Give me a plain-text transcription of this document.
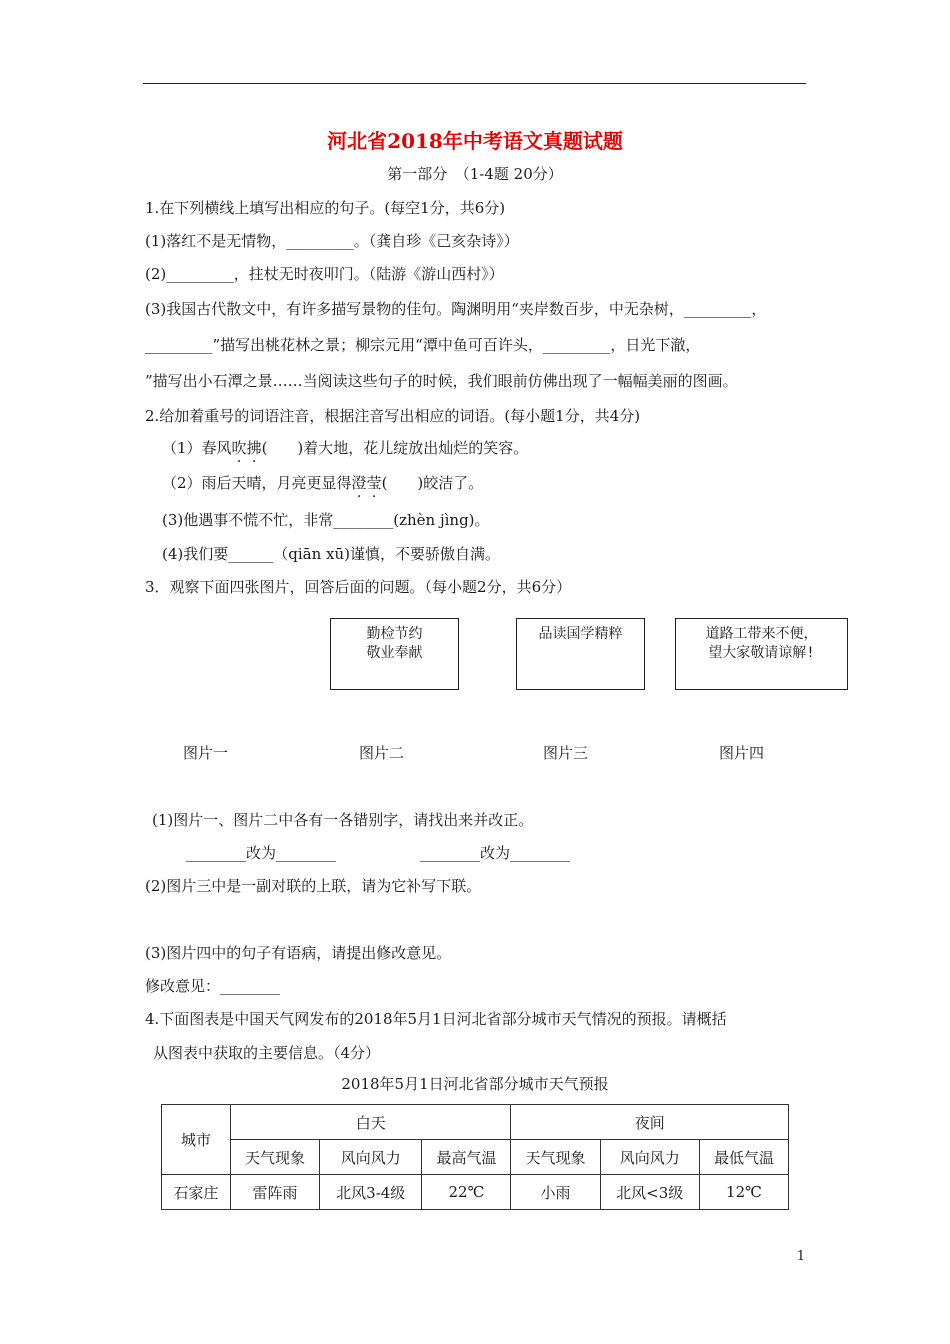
河北省2018年中考语文真题试题
第一部分　（1-4题 20分）
1.在下列横线上填写出相应的句子。(每空1分，共6分)
(1)落红不是无情物，_________。（龚自珍《己亥杂诗》）
(2)_________，拄杖无时夜叩门。（陆游《游山西村》）
(3)我国古代散文中，有许多描写景物的佳句。陶渊明用“夹岸数百步，中无杂树，_________，
_________”描写出桃花林之景；柳宗元用“潭中鱼可百许头，_________，日光下澈，
”描写出小石潭之景……当阅读这些句子的时候，我们眼前仿佛出现了一幅幅美丽的图画。
2.给加着重号的词语注音，根据注音写出相应的词语。(每小题1分，共4分)
（1）春风吹拂(　　)着大地，花儿绽放出灿烂的笑容。
（2）雨后天晴，月亮更显得澄莹(　　)皎洁了。
(3)他遇事不慌不忙，非常________(zhèn jìng)。
(4)我们要______（qiān xū)谨慎，不要骄傲自满。
3．观察下面四张图片，回答后面的问题。（每小题2分，共6分）
勤检节约
敬业奉献
品读国学精粹	道路工带来不便，
望大家敬请谅解!
图片一	图片二	图片三	图片四
(1)图片一、图片二中各有一各错别字，请找出来并改正。
________改为________	________改为________
(2)图片三中是一副对联的上联，请为它补写下联。
(3)图片四中的句子有语病，请提出修改意见。
修改意见：________
4.下面图表是中国天气网发布的2018年5月1日河北省部分城市天气情况的预报。请概括
从图表中获取的主要信息。（4分）
2018年5月1日河北省部分城市天气预报
城市	白天			夜间		
	天气现象	风向风力	最高气温	天气现象	风向风力	最低气温
石家庄	雷阵雨	北风3-4级	22℃	小雨	北风<3级	12℃
1
